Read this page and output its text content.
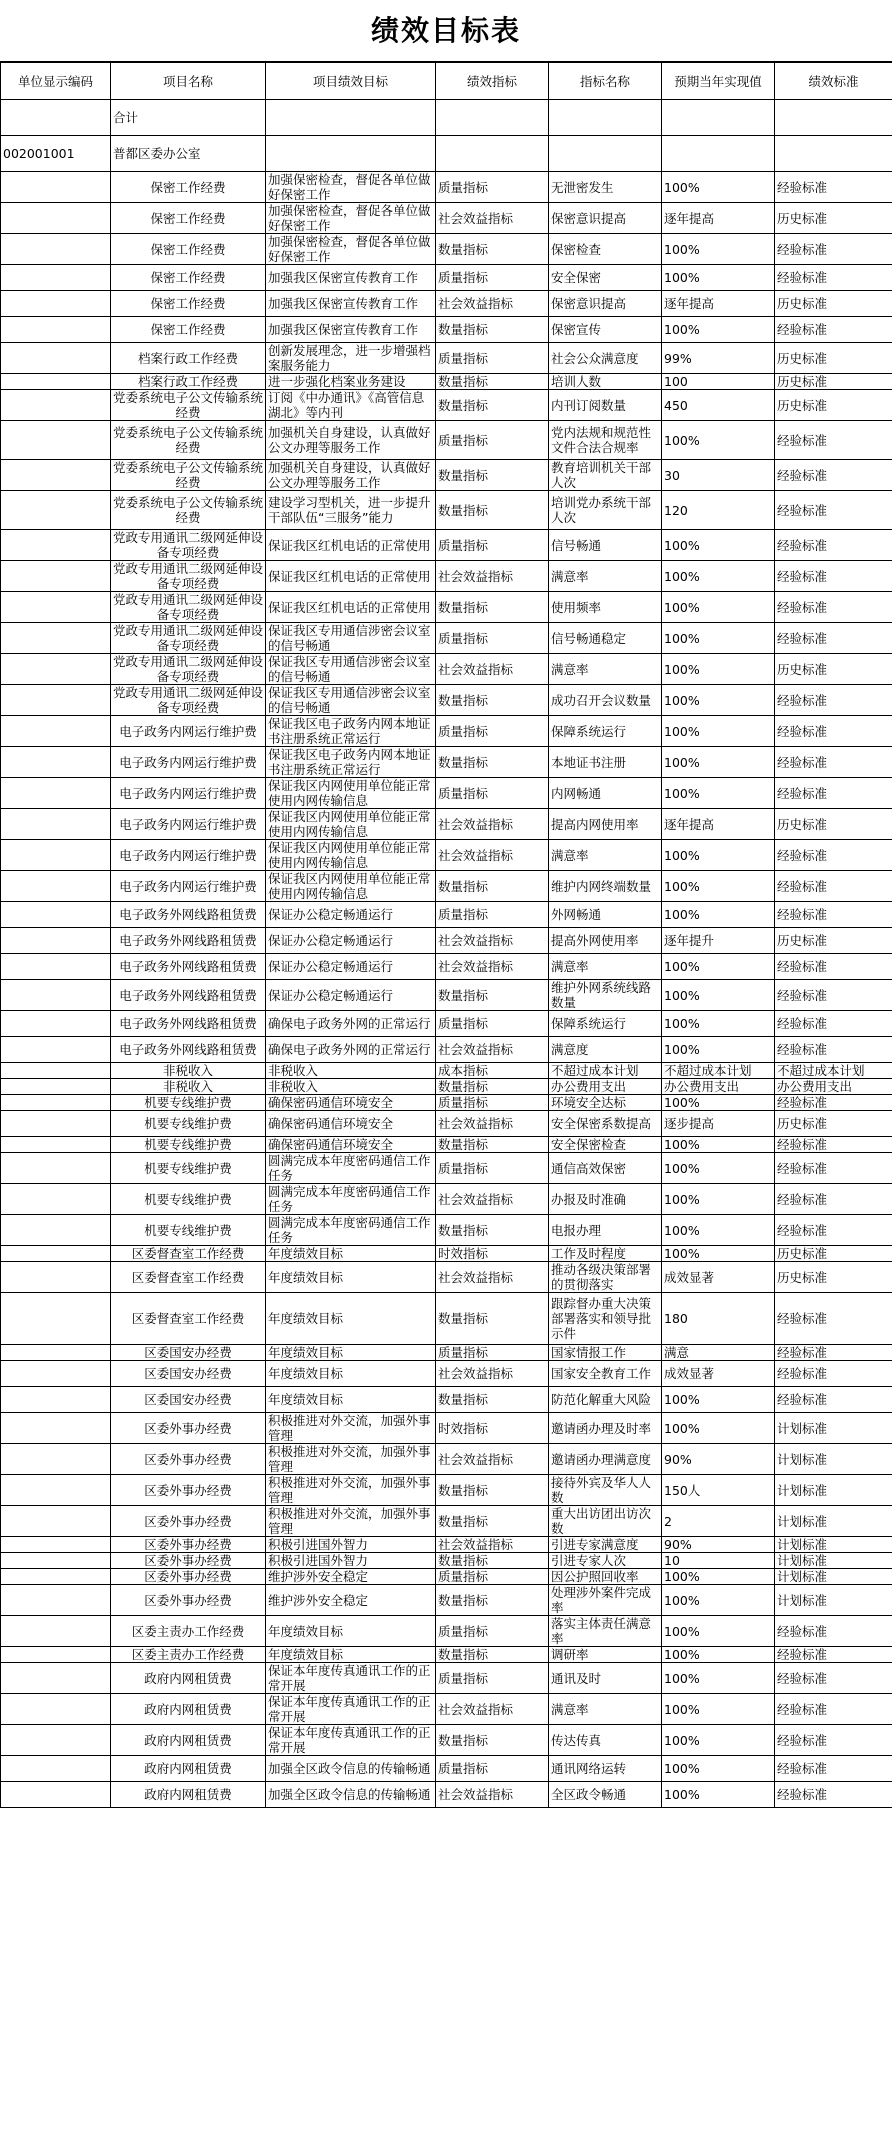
绩效目标表
单位显示编码	项目名称	项目绩效目标	绩效指标	指标名称	预期当年实现值	绩效标准
	合计					
002001001	普都区委办公室					
	保密工作经费	加强保密检查，督促各单位做好保密工作	质量指标	无泄密发生	100%	经验标准
	保密工作经费	加强保密检查，督促各单位做好保密工作	社会效益指标	保密意识提高	逐年提高	历史标准
	保密工作经费	加强保密检查，督促各单位做好保密工作	数量指标	保密检查	100%	经验标准
	保密工作经费	加强我区保密宣传教育工作	质量指标	安全保密	100%	经验标准
	保密工作经费	加强我区保密宣传教育工作	社会效益指标	保密意识提高	逐年提高	历史标准
	保密工作经费	加强我区保密宣传教育工作	数量指标	保密宣传	100%	经验标准
	档案行政工作经费	创新发展理念，进一步增强档案服务能力	质量指标	社会公众满意度	99%	历史标准
	档案行政工作经费	进一步强化档案业务建设	数量指标	培训人数	100	历史标准
	党委系统电子公文传输系统经费	订阅《中办通讯》《高管信息湖北》等内刊	数量指标	内刊订阅数量	450	历史标准
	党委系统电子公文传输系统经费	加强机关自身建设，认真做好公文办理等服务工作	质量指标	党内法规和规范性文件合法合规率	100%	经验标准
	党委系统电子公文传输系统经费	加强机关自身建设，认真做好公文办理等服务工作	数量指标	教育培训机关干部人次	30	经验标准
	党委系统电子公文传输系统经费	建设学习型机关，进一步提升干部队伍“三服务”能力	数量指标	培训党办系统干部人次	120	经验标准
	党政专用通讯二级网延伸设备专项经费	保证我区红机电话的正常使用	质量指标	信号畅通	100%	经验标准
	党政专用通讯二级网延伸设备专项经费	保证我区红机电话的正常使用	社会效益指标	满意率	100%	经验标准
	党政专用通讯二级网延伸设备专项经费	保证我区红机电话的正常使用	数量指标	使用频率	100%	经验标准
	党政专用通讯二级网延伸设备专项经费	保证我区专用通信涉密会议室的信号畅通	质量指标	信号畅通稳定	100%	经验标准
	党政专用通讯二级网延伸设备专项经费	保证我区专用通信涉密会议室的信号畅通	社会效益指标	满意率	100%	历史标准
	党政专用通讯二级网延伸设备专项经费	保证我区专用通信涉密会议室的信号畅通	数量指标	成功召开会议数量	100%	经验标准
	电子政务内网运行维护费	保证我区电子政务内网本地证书注册系统正常运行	质量指标	保障系统运行	100%	经验标准
	电子政务内网运行维护费	保证我区电子政务内网本地证书注册系统正常运行	数量指标	本地证书注册	100%	经验标准
	电子政务内网运行维护费	保证我区内网使用单位能正常使用内网传输信息	质量指标	内网畅通	100%	经验标准
	电子政务内网运行维护费	保证我区内网使用单位能正常使用内网传输信息	社会效益指标	提高内网使用率	逐年提高	历史标准
	电子政务内网运行维护费	保证我区内网使用单位能正常使用内网传输信息	社会效益指标	满意率	100%	经验标准
	电子政务内网运行维护费	保证我区内网使用单位能正常使用内网传输信息	数量指标	维护内网终端数量	100%	经验标准
	电子政务外网线路租赁费	保证办公稳定畅通运行	质量指标	外网畅通	100%	经验标准
	电子政务外网线路租赁费	保证办公稳定畅通运行	社会效益指标	提高外网使用率	逐年提升	历史标准
	电子政务外网线路租赁费	保证办公稳定畅通运行	社会效益指标	满意率	100%	经验标准
	电子政务外网线路租赁费	保证办公稳定畅通运行	数量指标	维护外网系统线路数量	100%	经验标准
	电子政务外网线路租赁费	确保电子政务外网的正常运行	质量指标	保障系统运行	100%	经验标准
	电子政务外网线路租赁费	确保电子政务外网的正常运行	社会效益指标	满意度	100%	经验标准
	非税收入	非税收入	成本指标	不超过成本计划	不超过成本计划	不超过成本计划
	非税收入	非税收入	数量指标	办公费用支出	办公费用支出	办公费用支出
	机要专线维护费	确保密码通信环境安全	质量指标	环境安全达标	100%	经验标准
	机要专线维护费	确保密码通信环境安全	社会效益指标	安全保密系数提高	逐步提高	历史标准
	机要专线维护费	确保密码通信环境安全	数量指标	安全保密检查	100%	经验标准
	机要专线维护费	圆满完成本年度密码通信工作任务	质量指标	通信高效保密	100%	经验标准
	机要专线维护费	圆满完成本年度密码通信工作任务	社会效益指标	办报及时准确	100%	经验标准
	机要专线维护费	圆满完成本年度密码通信工作任务	数量指标	电报办理	100%	经验标准
	区委督查室工作经费	年度绩效目标	时效指标	工作及时程度	100%	历史标准
	区委督查室工作经费	年度绩效目标	社会效益指标	推动各级决策部署的贯彻落实	成效显著	历史标准
	区委督查室工作经费	年度绩效目标	数量指标	跟踪督办重大决策部署落实和领导批示件	180	经验标准
	区委国安办经费	年度绩效目标	质量指标	国家情报工作	满意	经验标准
	区委国安办经费	年度绩效目标	社会效益指标	国家安全教育工作	成效显著	经验标准
	区委国安办经费	年度绩效目标	数量指标	防范化解重大风险	100%	经验标准
	区委外事办经费	积极推进对外交流，加强外事管理	时效指标	邀请函办理及时率	100%	计划标准
	区委外事办经费	积极推进对外交流，加强外事管理	社会效益指标	邀请函办理满意度	90%	计划标准
	区委外事办经费	积极推进对外交流，加强外事管理	数量指标	接待外宾及华人人数	150人	计划标准
	区委外事办经费	积极推进对外交流，加强外事管理	数量指标	重大出访团出访次数	2	计划标准
	区委外事办经费	积极引进国外智力	社会效益指标	引进专家满意度	90%	计划标准
	区委外事办经费	积极引进国外智力	数量指标	引进专家人次	10	计划标准
	区委外事办经费	维护涉外安全稳定	质量指标	因公护照回收率	100%	计划标准
	区委外事办经费	维护涉外安全稳定	数量指标	处理涉外案件完成率	100%	计划标准
	区委主责办工作经费	年度绩效目标	质量指标	落实主体责任满意率	100%	经验标准
	区委主责办工作经费	年度绩效目标	数量指标	调研率	100%	经验标准
	政府内网租赁费	保证本年度传真通讯工作的正常开展	质量指标	通讯及时	100%	经验标准
	政府内网租赁费	保证本年度传真通讯工作的正常开展	社会效益指标	满意率	100%	经验标准
	政府内网租赁费	保证本年度传真通讯工作的正常开展	数量指标	传达传真	100%	经验标准
	政府内网租赁费	加强全区政令信息的传输畅通	质量指标	通讯网络运转	100%	经验标准
	政府内网租赁费	加强全区政令信息的传输畅通	社会效益指标	全区政令畅通	100%	经验标准
